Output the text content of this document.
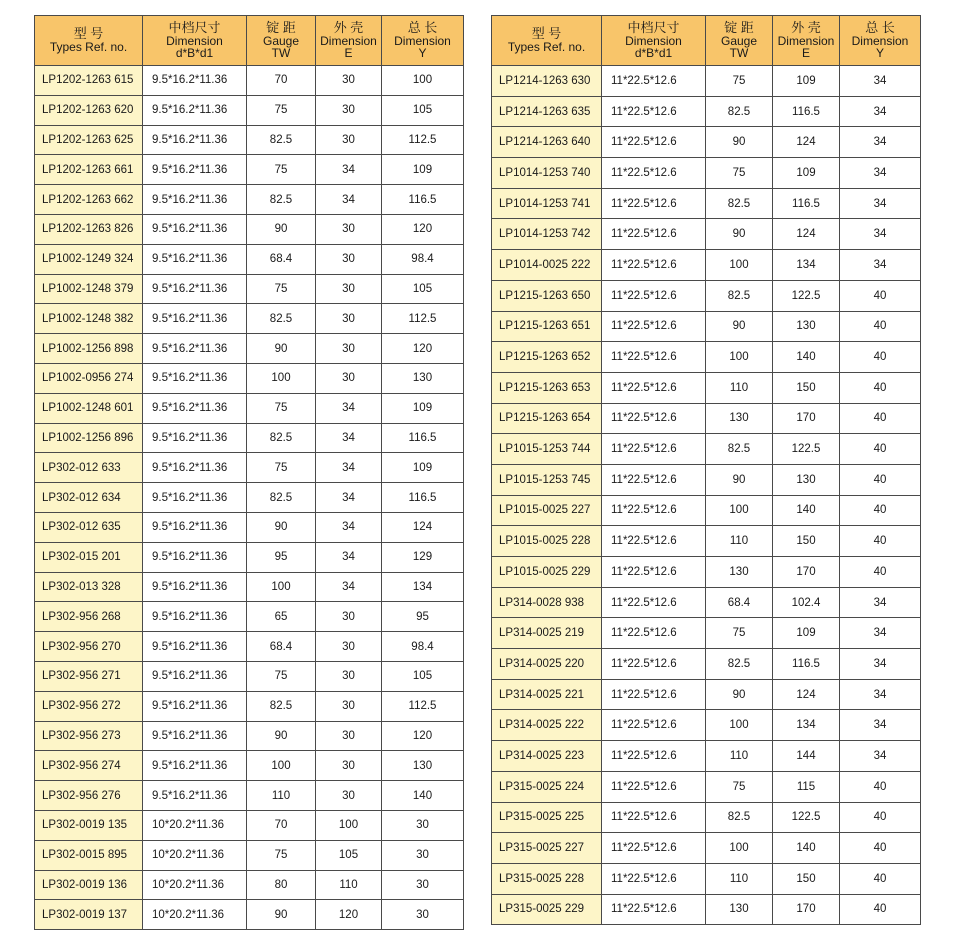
型 号
Types Ref. no.	中档尺寸
Dimension
d*B*d1	锭 距
Gauge
TW	外 壳
Dimension
E	总 长
Dimension
Y

LP1202-1263 615	9.5*16.2*11.36	70	30	100
LP1202-1263 620	9.5*16.2*11.36	75	30	105
LP1202-1263 625	9.5*16.2*11.36	82.5	30	112.5
LP1202-1263 661	9.5*16.2*11.36	75	34	109
LP1202-1263 662	9.5*16.2*11.36	82.5	34	116.5
LP1202-1263 826	9.5*16.2*11.36	90	30	120
LP1002-1249 324	9.5*16.2*11.36	68.4	30	98.4
LP1002-1248 379	9.5*16.2*11.36	75	30	105
LP1002-1248 382	9.5*16.2*11.36	82.5	30	112.5
LP1002-1256 898	9.5*16.2*11.36	90	30	120
LP1002-0956 274	9.5*16.2*11.36	100	30	130
LP1002-1248 601	9.5*16.2*11.36	75	34	109
LP1002-1256 896	9.5*16.2*11.36	82.5	34	116.5
LP302-012 633	9.5*16.2*11.36	75	34	109
LP302-012 634	9.5*16.2*11.36	82.5	34	116.5
LP302-012 635	9.5*16.2*11.36	90	34	124
LP302-015 201	9.5*16.2*11.36	95	34	129
LP302-013 328	9.5*16.2*11.36	100	34	134
LP302-956 268	9.5*16.2*11.36	65	30	95
LP302-956 270	9.5*16.2*11.36	68.4	30	98.4
LP302-956 271	9.5*16.2*11.36	75	30	105
LP302-956 272	9.5*16.2*11.36	82.5	30	112.5
LP302-956 273	9.5*16.2*11.36	90	30	120
LP302-956 274	9.5*16.2*11.36	100	30	130
LP302-956 276	9.5*16.2*11.36	110	30	140
LP302-0019 135	10*20.2*11.36	70	100	30
LP302-0015 895	10*20.2*11.36	75	105	30
LP302-0019 136	10*20.2*11.36	80	110	30
LP302-0019 137	10*20.2*11.36	90	120	30
型 号
Types Ref. no.	中档尺寸
Dimension
d*B*d1	锭 距
Gauge
TW	外 壳
Dimension
E	总 长
Dimension
Y

LP1214-1263 630	11*22.5*12.6	75	109	34
LP1214-1263 635	11*22.5*12.6	82.5	116.5	34
LP1214-1263 640	11*22.5*12.6	90	124	34
LP1014-1253 740	11*22.5*12.6	75	109	34
LP1014-1253 741	11*22.5*12.6	82.5	116.5	34
LP1014-1253 742	11*22.5*12.6	90	124	34
LP1014-0025 222	11*22.5*12.6	100	134	34
LP1215-1263 650	11*22.5*12.6	82.5	122.5	40
LP1215-1263 651	11*22.5*12.6	90	130	40
LP1215-1263 652	11*22.5*12.6	100	140	40
LP1215-1263 653	11*22.5*12.6	110	150	40
LP1215-1263 654	11*22.5*12.6	130	170	40
LP1015-1253 744	11*22.5*12.6	82.5	122.5	40
LP1015-1253 745	11*22.5*12.6	90	130	40
LP1015-0025 227	11*22.5*12.6	100	140	40
LP1015-0025 228	11*22.5*12.6	110	150	40
LP1015-0025 229	11*22.5*12.6	130	170	40
LP314-0028 938	11*22.5*12.6	68.4	102.4	34
LP314-0025 219	11*22.5*12.6	75	109	34
LP314-0025 220	11*22.5*12.6	82.5	116.5	34
LP314-0025 221	11*22.5*12.6	90	124	34
LP314-0025 222	11*22.5*12.6	100	134	34
LP314-0025 223	11*22.5*12.6	110	144	34
LP315-0025 224	11*22.5*12.6	75	115	40
LP315-0025 225	11*22.5*12.6	82.5	122.5	40
LP315-0025 227	11*22.5*12.6	100	140	40
LP315-0025 228	11*22.5*12.6	110	150	40
LP315-0025 229	11*22.5*12.6	130	170	40
